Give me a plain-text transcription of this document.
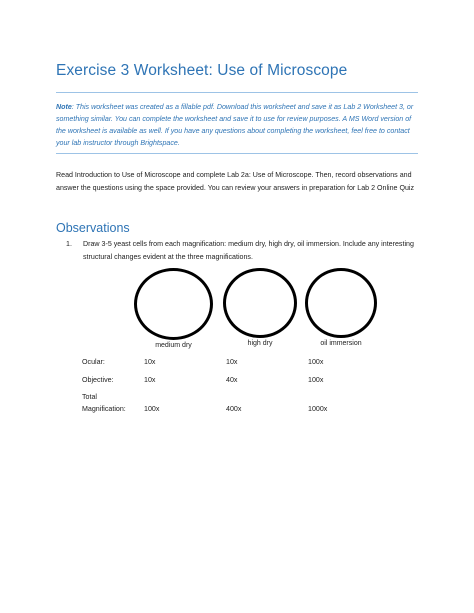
Exercise 3 Worksheet: Use of Microscope
Note: This worksheet was created as a fillable pdf. Download this worksheet and save it as Lab 2 Worksheet 3, or something similar. You can complete the worksheet and save it to use for review purposes. A MS Word version of the worksheet is available as well. If you have any questions about completing the worksheet, feel free to contact your lab instructor through Brightspace.
Read Introduction to Use of Microscope and complete Lab 2a: Use of Microscope. Then, record observations and answer the questions using the space provided. You can review your answers in preparation for Lab 2 Online Quiz
Observations
1. Draw 3-5 yeast cells from each magnification: medium dry, high dry, oil immersion. Include any interesting structural changes evident at the three magnifications.
medium dry	high dry	oil immersion
Ocular:	10x	10x	100x
Objective:	10x	40x	100x
Total
Magnification:	100x	400x	1000x
